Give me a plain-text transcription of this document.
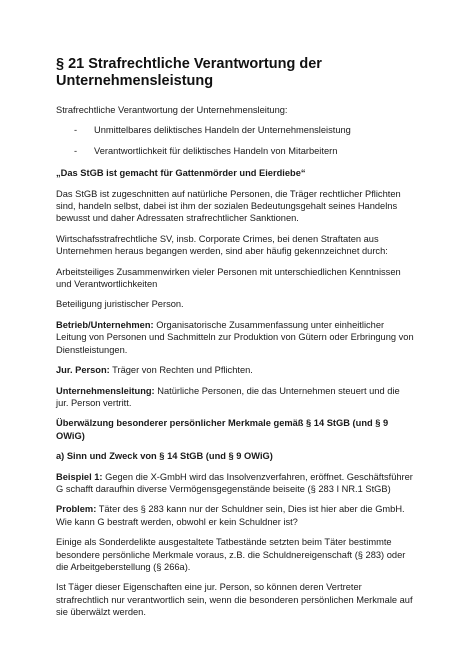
§ 21 Strafrechtliche Verantwortung der Unternehmensleistung

Strafrechtliche Verantwortung der Unternehmensleitung:

-	Unmittelbares deliktisches Handeln der Unternehmensleistung
-	Verantwortlichkeit für deliktisches Handeln von Mitarbeitern

„Das StGB ist gemacht für Gattenmörder und Eierdiebe“

Das StGB ist zugeschnitten auf natürliche Personen, die Träger rechtlicher Pflichten sind, handeln selbst, dabei ist ihm der sozialen Bedeutungsgehalt seines Handelns bewusst und daher Adressaten strafrechtlicher Sanktionen.

Wirtschafsstrafrechtliche SV, insb. Corporate Crimes, bei denen Straftaten aus Unternehmen heraus begangen werden, sind aber häufig gekennzeichnet durch:

Arbeitsteiliges Zusammenwirken vieler Personen mit unterschiedlichen Kenntnissen und Verantwortlichkeiten

Beteiligung juristischer Person.

Betrieb/Unternehmen: Organisatorische Zusammenfassung unter einheitlicher Leitung von Personen und Sachmitteln zur Produktion von Gütern oder Erbringung von Dienstleistungen.

Jur. Person: Träger von Rechten und Pflichten.

Unternehmensleitung: Natürliche Personen, die das Unternehmen steuert und die jur. Person vertritt.

Überwälzung besonderer persönlicher Merkmale gemäß § 14 StGB (und § 9 OWiG)

a) Sinn und Zweck von § 14 StGB (und § 9 OWiG)

Beispiel 1: Gegen die X-GmbH wird das Insolvenzverfahren, eröffnet. Geschäftsführer G schafft daraufhin diverse Vermögensgegenstände beiseite (§ 283 I NR.1 StGB)

Problem: Täter des § 283 kann nur der Schuldner sein, Dies ist hier aber die GmbH. Wie kann G bestraft werden, obwohl er kein Schuldner ist?

Einige als Sonderdelikte ausgestaltete Tatbestände setzten beim Täter bestimmte besondere persönliche Merkmale voraus, z.B. die Schuldnereigenschaft (§ 283) oder die Arbeitgeberstellung (§ 266a).

Ist Täger dieser Eigenschaften eine jur. Person, so können deren Vertreter strafrechtlich nur verantwortlich sein, wenn die besonderen persönlichen Merkmale auf sie überwälzt werden.
